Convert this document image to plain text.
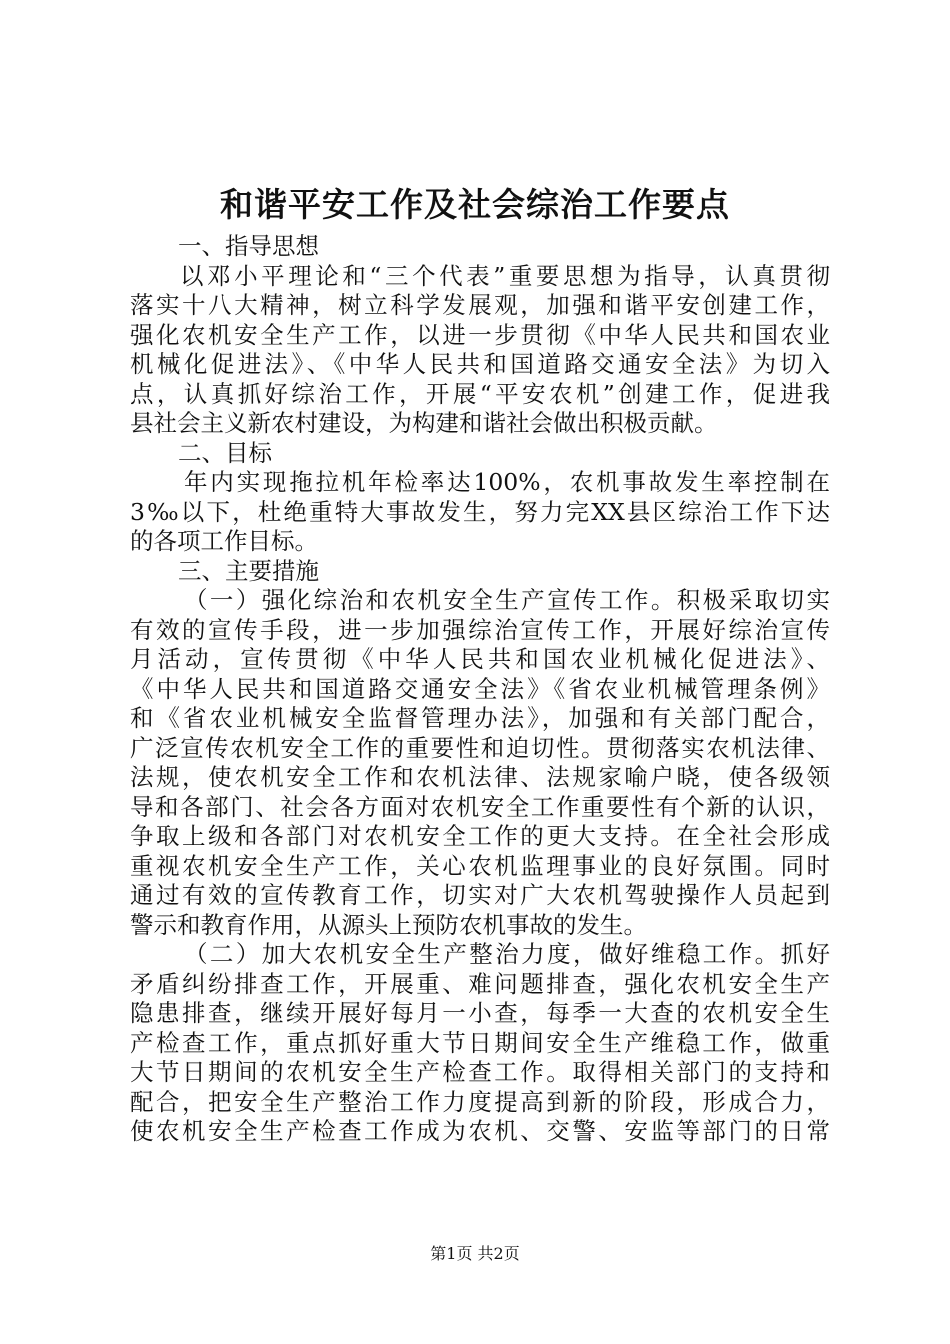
和谐平安工作及社会综治工作要点
一、指导思想
以邓小平理论和“三个代表”重要思想为指导，认真贯彻
落实十八大精神，树立科学发展观，加强和谐平安创建工作，
强化农机安全生产工作，以进一步贯彻《中华人民共和国农业
机械化促进法》、《中华人民共和国道路交通安全法》为切入
点，认真抓好综治工作，开展“平安农机”创建工作，促进我
县社会主义新农村建设，为构建和谐社会做出积极贡献。
二、目标
年内实现拖拉机年检率达100%，农机事故发生率控制在
3‰以下，杜绝重特大事故发生，努力完XX县区综治工作下达
的各项工作目标。
三、主要措施
（一）强化综治和农机安全生产宣传工作。积极采取切实
有效的宣传手段，进一步加强综治宣传工作，开展好综治宣传
月活动，宣传贯彻《中华人民共和国农业机械化促进法》、
《中华人民共和国道路交通安全法》《省农业机械管理条例》
和《省农业机械安全监督管理办法》，加强和有关部门配合，
广泛宣传农机安全工作的重要性和迫切性。贯彻落实农机法律、
法规，使农机安全工作和农机法律、法规家喻户晓，使各级领
导和各部门、社会各方面对农机安全工作重要性有个新的认识，
争取上级和各部门对农机安全工作的更大支持。在全社会形成
重视农机安全生产工作，关心农机监理事业的良好氛围。同时
通过有效的宣传教育工作，切实对广大农机驾驶操作人员起到
警示和教育作用，从源头上预防农机事故的发生。
（二）加大农机安全生产整治力度，做好维稳工作。抓好
矛盾纠纷排查工作，开展重、难问题排查，强化农机安全生产
隐患排查，继续开展好每月一小查，每季一大查的农机安全生
产检查工作，重点抓好重大节日期间安全生产维稳工作，做重
大节日期间的农机安全生产检查工作。取得相关部门的支持和
配合，把安全生产整治工作力度提高到新的阶段，形成合力，
使农机安全生产检查工作成为农机、交警、安监等部门的日常
第1页 共2页
